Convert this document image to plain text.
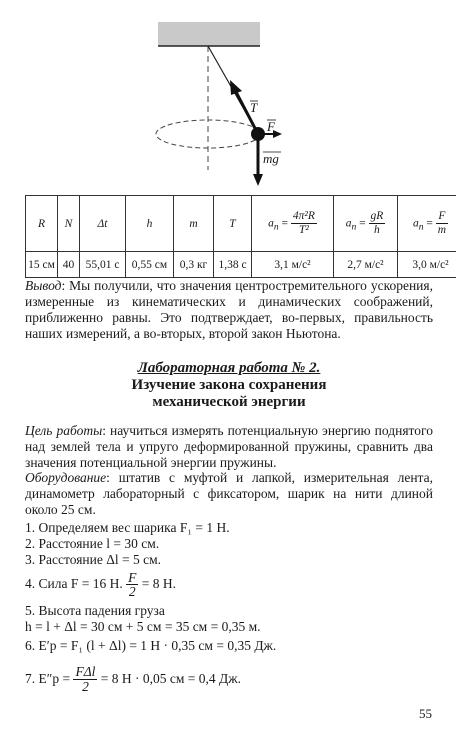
T
F
mg
R	N	Δt	h	m	T	$a_n = \frac{\text{4π²R}}{\text{T²}}$	$a_n = \frac{gR}{h}$	$a_n = \frac{F}{m}$

15 см	40	55,01 с	0,55 см	0,3 кг	1,38 с	3,1 м/с²	2,7 м/с²	3,0 м/с²
Вывод: Мы получили, что значения центростремительного ускорения, измеренные из кинематических и динамических соображений, приближенно равны. Это подтверждает, во-первых, правильность наших измерений, а во-вторых, второй закон Ньютона.
Лабораторная работа № 2.
Изучение закона сохранения
механической энергии
Цель работы: научиться измерять потенциальную энергию поднятого над землей тела и упруго деформированной пружины, сравнить два значения потенциальной энергии пружины.
Оборудование: штатив с муфтой и лапкой, измерительная лента, динамометр лабораторный с фиксатором, шарик на нити длиной около 25 см.
1. Определяем вес шарика F₁ = 1 Н.
2. Расстояние l = 30 см.
3. Расстояние Δl = 5 см.
4. Сила F = 16 Н. $\frac{F}{2} = 8$ Н.
5. Высота падения груза
h = l + Δl = 30 см + 5 см = 35 см = 0,35 м.
6. E′p = F₁ (l + Δl) = 1 Н · 0,35 см = 0,35 Дж.
7. $E''p = \frac{\text{FΔl}}{2} = 8$ Н · 0,05 см = 0,4 Дж.
55
